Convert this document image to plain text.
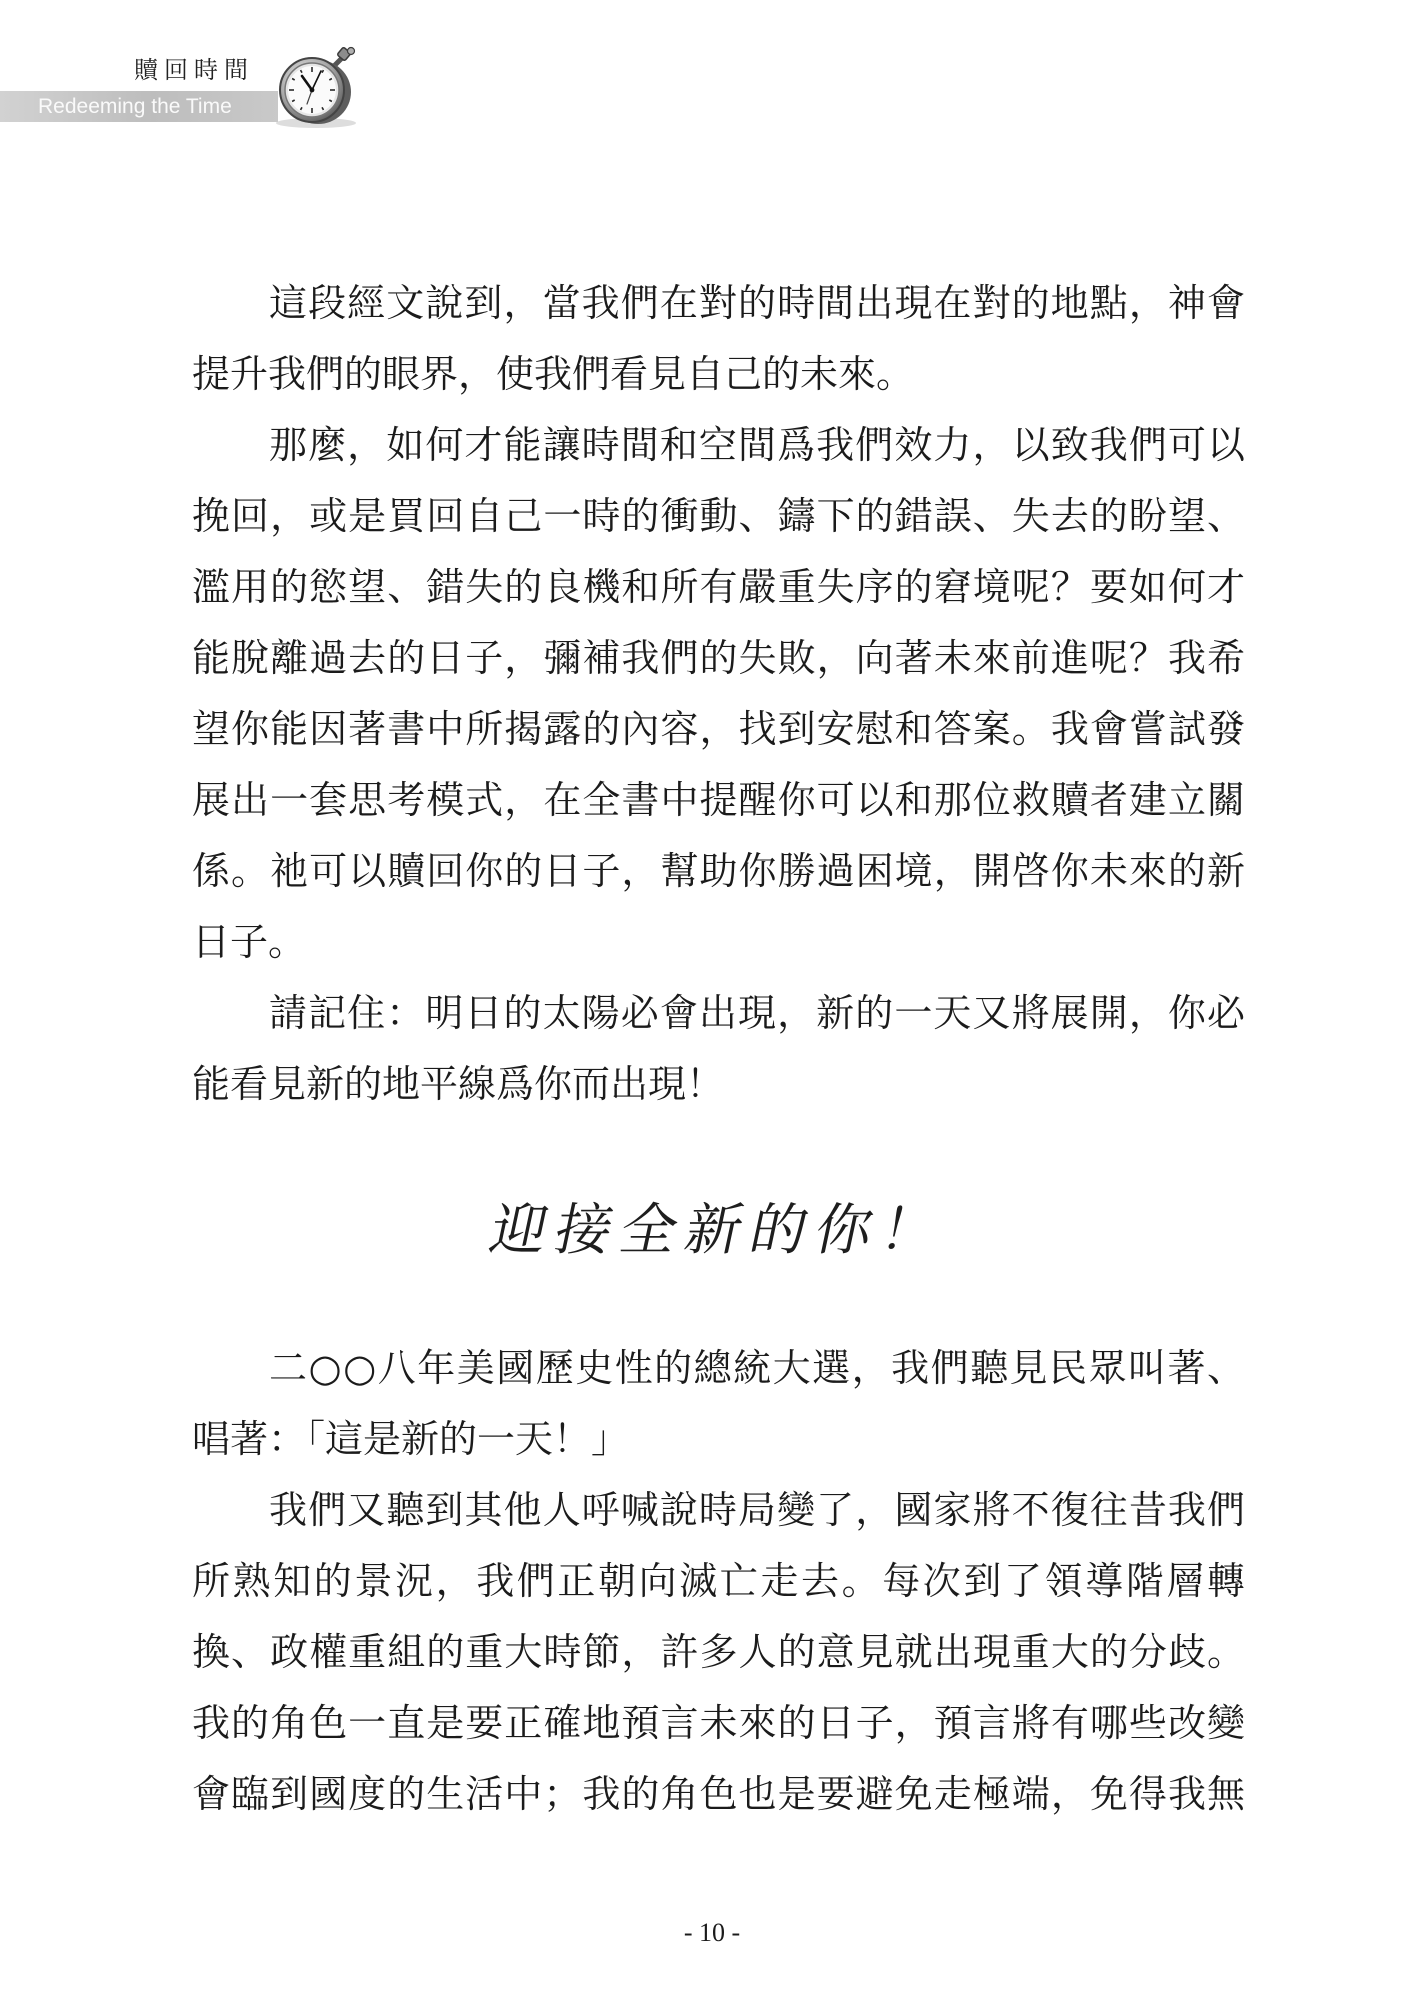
贖回時間
Redeeming the Time
這段經文說到，當我們在對的時間出現在對的地點，神會
提升我們的眼界，使我們看見自己的未來。
那麼，如何才能讓時間和空間爲我們效力，以致我們可以
挽回，或是買回自己一時的衝動、鑄下的錯誤、失去的盼望、
濫用的慾望、錯失的良機和所有嚴重失序的窘境呢？要如何才
能脫離過去的日子，彌補我們的失敗，向著未來前進呢？我希
望你能因著書中所揭露的內容，找到安慰和答案。我會嘗試發
展出一套思考模式，在全書中提醒你可以和那位救贖者建立關
係。祂可以贖回你的日子，幫助你勝過困境，開啓你未來的新
日子。
請記住：明日的太陽必會出現，新的一天又將展開，你必
能看見新的地平線爲你而出現！
迎接全新的你！
二○○八年美國歷史性的總統大選，我們聽見民眾叫著、
唱著：「這是新的一天！」
我們又聽到其他人呼喊說時局變了，國家將不復往昔我們
所熟知的景況，我們正朝向滅亡走去。每次到了領導階層轉
換、政權重組的重大時節，許多人的意見就出現重大的分歧。
我的角色一直是要正確地預言未來的日子，預言將有哪些改變
會臨到國度的生活中；我的角色也是要避免走極端，免得我無
- 10 -
